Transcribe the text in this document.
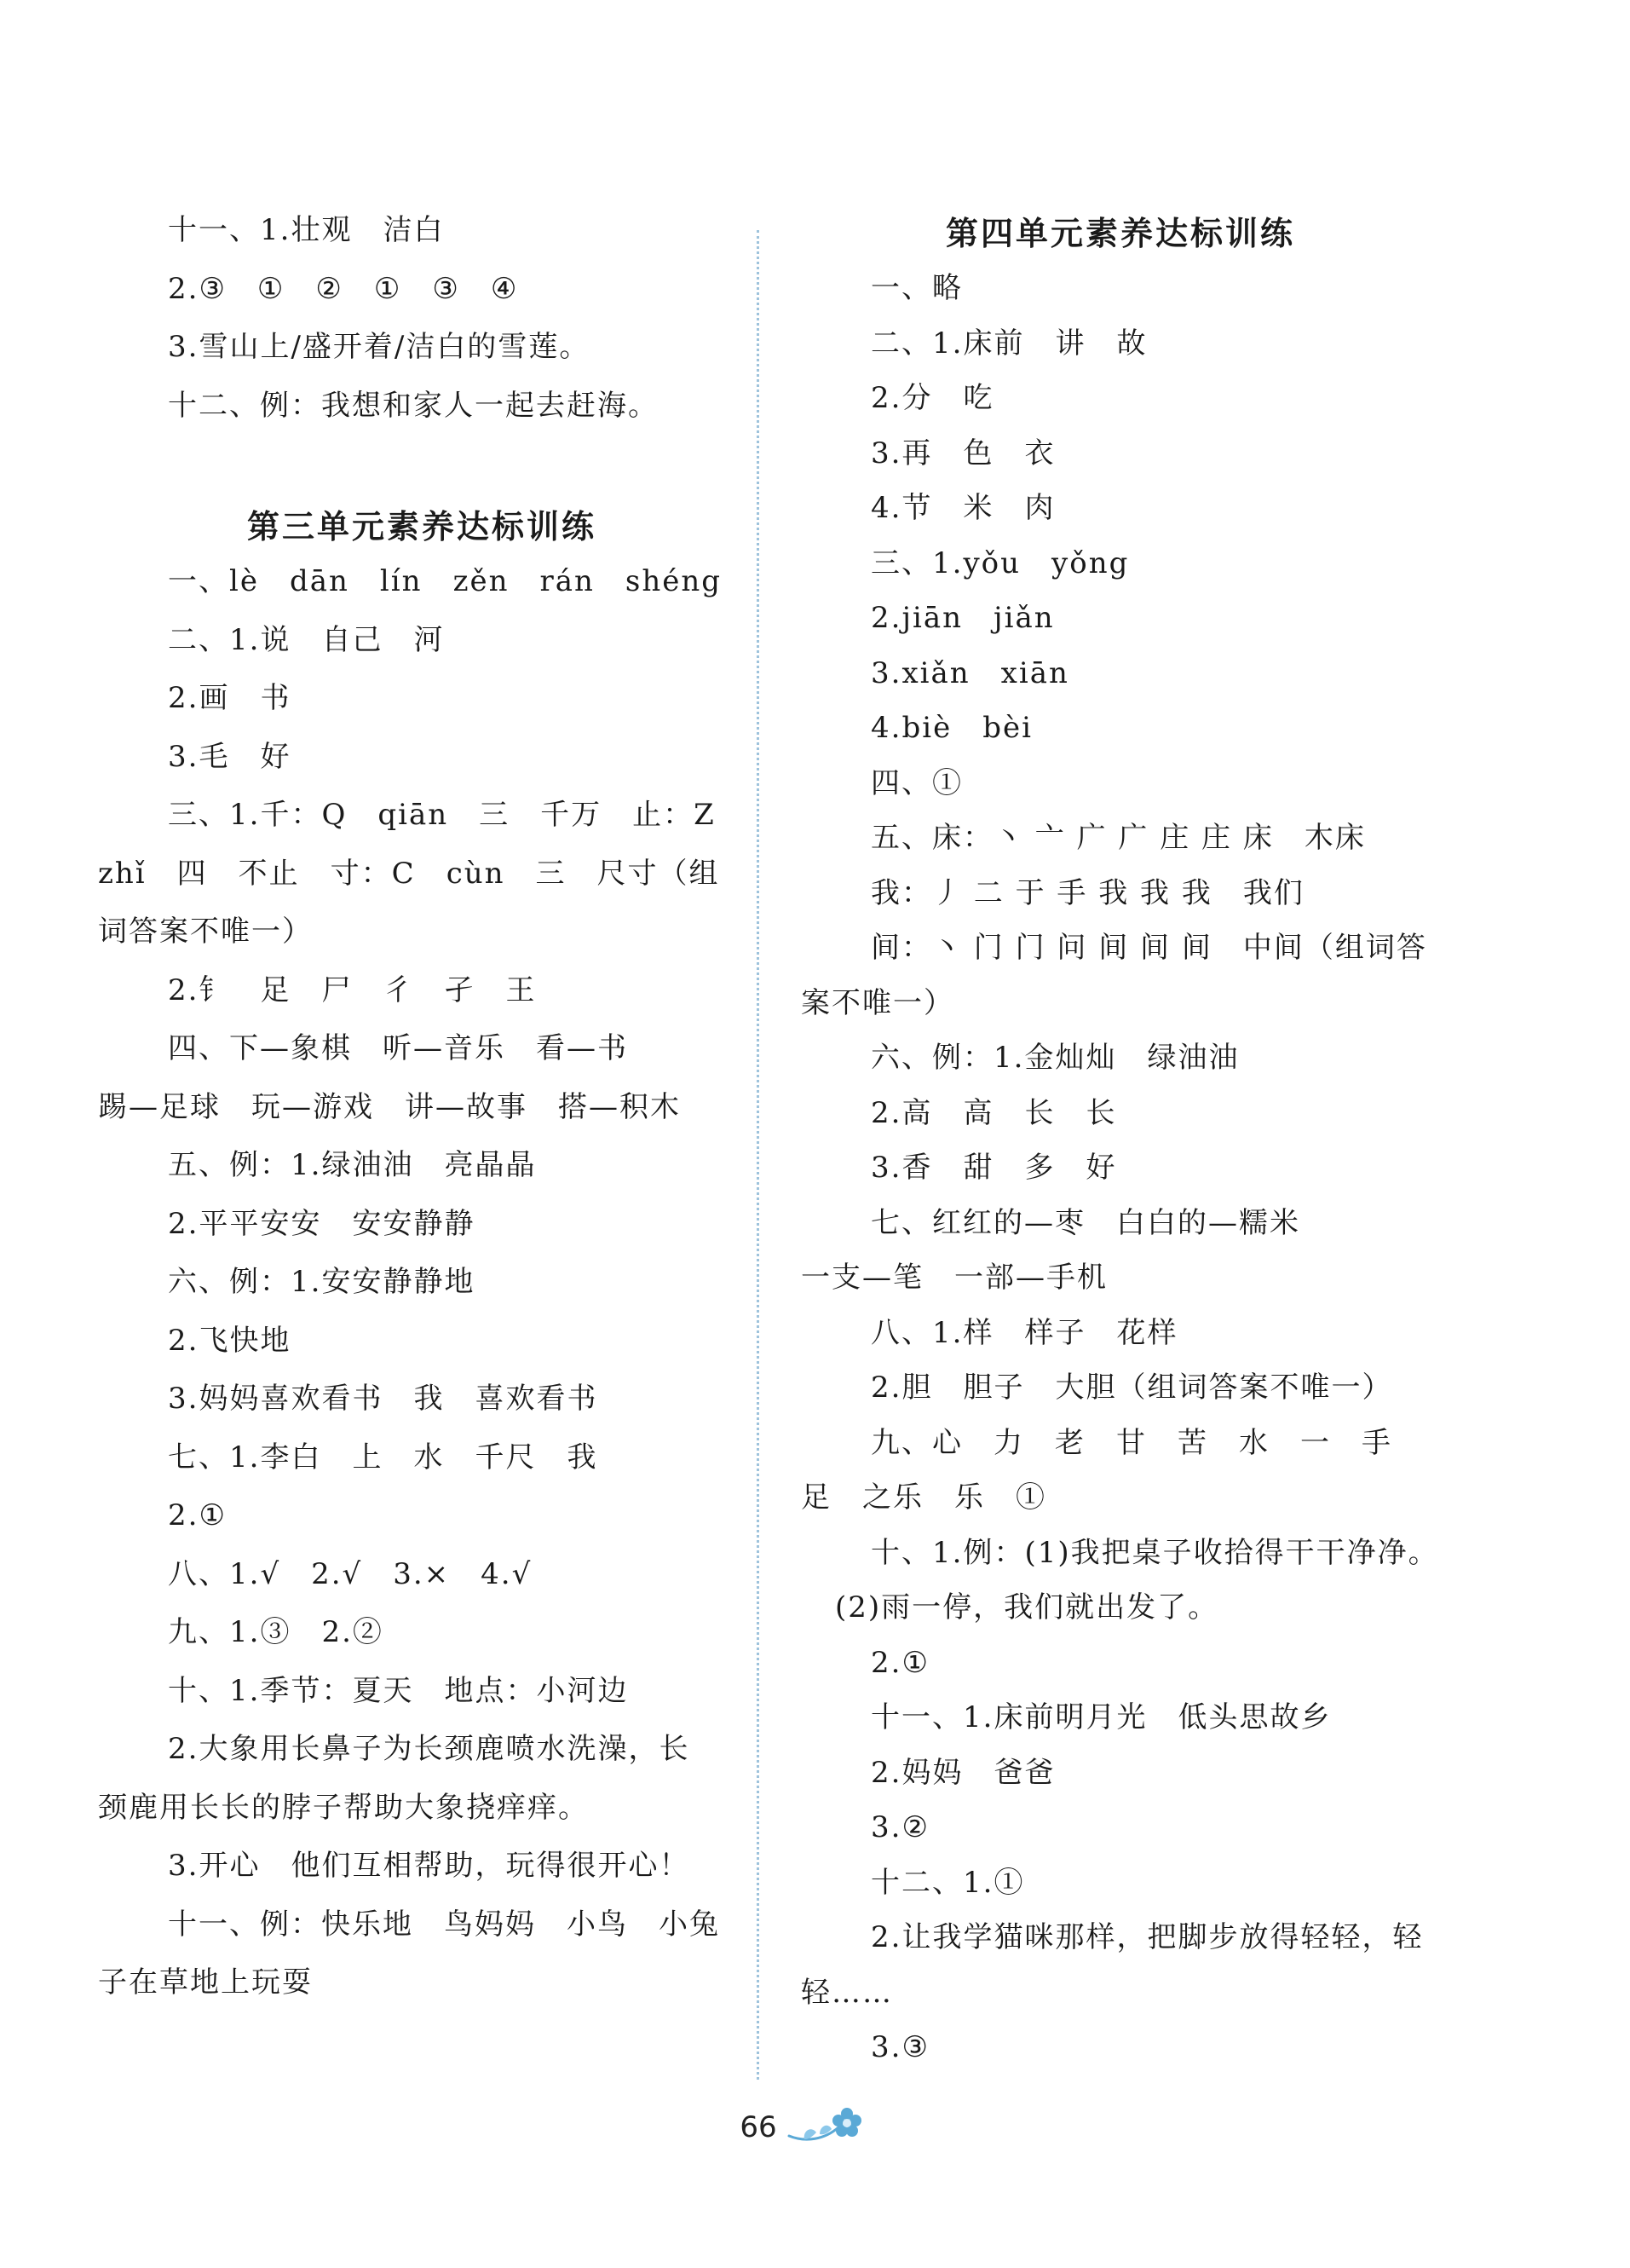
十一、1.壮观　洁白
2.③　①　②　①　③　④
3.雪山上/盛开着/洁白的雪莲。
十二、例：我想和家人一起去赶海。
第三单元素养达标训练
一、lè　dān　lín　zěn　rán　shéng
二、1.说　自己　河
2.画　书
3.毛　好
三、1.千：Q　qiān　三　千万　止：Z
zhǐ　四　不止　寸：C　cùn　三　尺寸（组
词答案不唯一）
2.钅　足　尸　彳　孑　王
四、下—象棋　听—音乐　看—书
踢—足球　玩—游戏　讲—故事　搭—积木
五、例：1.绿油油　亮晶晶
2.平平安安　安安静静
六、例：1.安安静静地
2.飞快地
3.妈妈喜欢看书　我　喜欢看书
七、1.李白　上　水　千尺　我
2.①
八、1.√　2.√　3.×　4.√
九、1.③　2.②
十、1.季节：夏天　地点：小河边
2.大象用长鼻子为长颈鹿喷水洗澡，长
颈鹿用长长的脖子帮助大象挠痒痒。
3.开心　他们互相帮助，玩得很开心！
十一、例：快乐地　鸟妈妈　小鸟　小兔
子在草地上玩耍
第四单元素养达标训练
一、略
二、1.床前　讲　故
2.分　吃
3.再　色　衣
4.节　米　肉
三、1.yǒu　yǒng
2.jiān　jiǎn
3.xiǎn　xiān
4.biè　bèi
四、①
五、床：丶 亠 广 广 庄 庄 床　木床
我：丿 二 于 手 我 我 我　我们
间：丶 门 门 问 间 间 间　中间（组词答
案不唯一）
六、例：1.金灿灿　绿油油
2.高　高　长　长
3.香　甜　多　好
七、红红的—枣　白白的—糯米
一支—笔　一部—手机
八、1.样　样子　花样
2.胆　胆子　大胆（组词答案不唯一）
九、心　力　老　甘　苦　水　一　手
足　之乐　乐　①
十、1.例：(1)我把桌子收拾得干干净净。
(2)雨一停，我们就出发了。
2.①
十一、1.床前明月光　低头思故乡
2.妈妈　爸爸
3.②
十二、1.①
2.让我学猫咪那样，把脚步放得轻轻，轻
轻……
3.③
66
